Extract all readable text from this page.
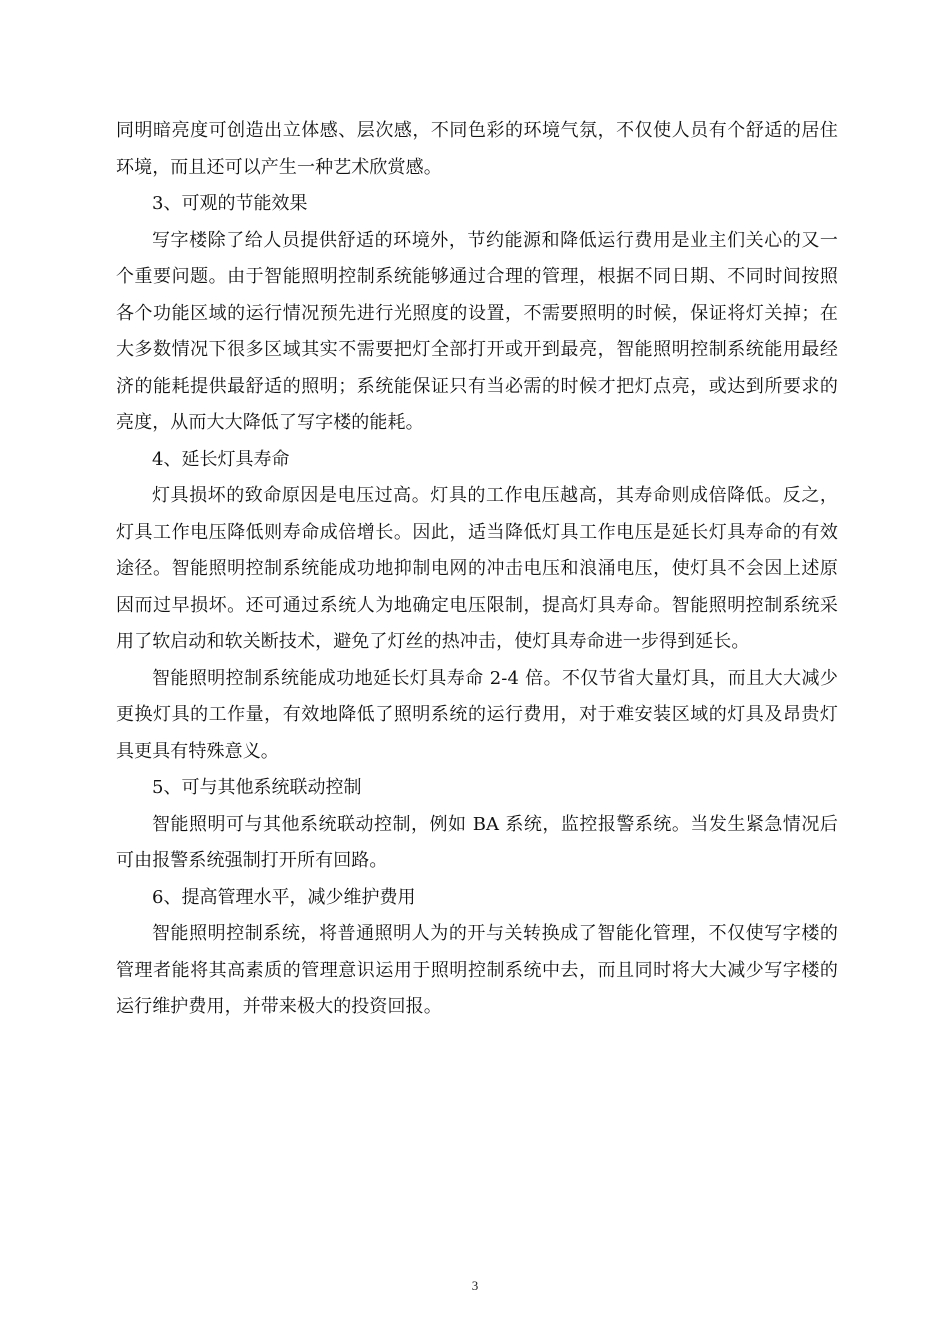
同明暗亮度可创造出立体感、层次感，不同色彩的环境气氛，不仅使人员有个舒适的居住环境，而且还可以产生一种艺术欣赏感。

3、可观的节能效果

写字楼除了给人员提供舒适的环境外，节约能源和降低运行费用是业主们关心的又一个重要问题。由于智能照明控制系统能够通过合理的管理，根据不同日期、不同时间按照各个功能区域的运行情况预先进行光照度的设置，不需要照明的时候，保证将灯关掉；在大多数情况下很多区域其实不需要把灯全部打开或开到最亮，智能照明控制系统能用最经济的能耗提供最舒适的照明；系统能保证只有当必需的时候才把灯点亮，或达到所要求的亮度，从而大大降低了写字楼的能耗。

4、延长灯具寿命

灯具损坏的致命原因是电压过高。灯具的工作电压越高，其寿命则成倍降低。反之，灯具工作电压降低则寿命成倍增长。因此，适当降低灯具工作电压是延长灯具寿命的有效途径。智能照明控制系统能成功地抑制电网的冲击电压和浪涌电压，使灯具不会因上述原因而过早损坏。还可通过系统人为地确定电压限制，提高灯具寿命。智能照明控制系统采用了软启动和软关断技术，避免了灯丝的热冲击，使灯具寿命进一步得到延长。

智能照明控制系统能成功地延长灯具寿命 2-4 倍。不仅节省大量灯具，而且大大减少更换灯具的工作量，有效地降低了照明系统的运行费用，对于难安装区域的灯具及昂贵灯具更具有特殊意义。

5、可与其他系统联动控制

智能照明可与其他系统联动控制，例如 BA 系统，监控报警系统。当发生紧急情况后可由报警系统强制打开所有回路。

6、提高管理水平，减少维护费用

智能照明控制系统，将普通照明人为的开与关转换成了智能化管理，不仅使写字楼的管理者能将其高素质的管理意识运用于照明控制系统中去，而且同时将大大减少写字楼的运行维护费用，并带来极大的投资回报。

3
